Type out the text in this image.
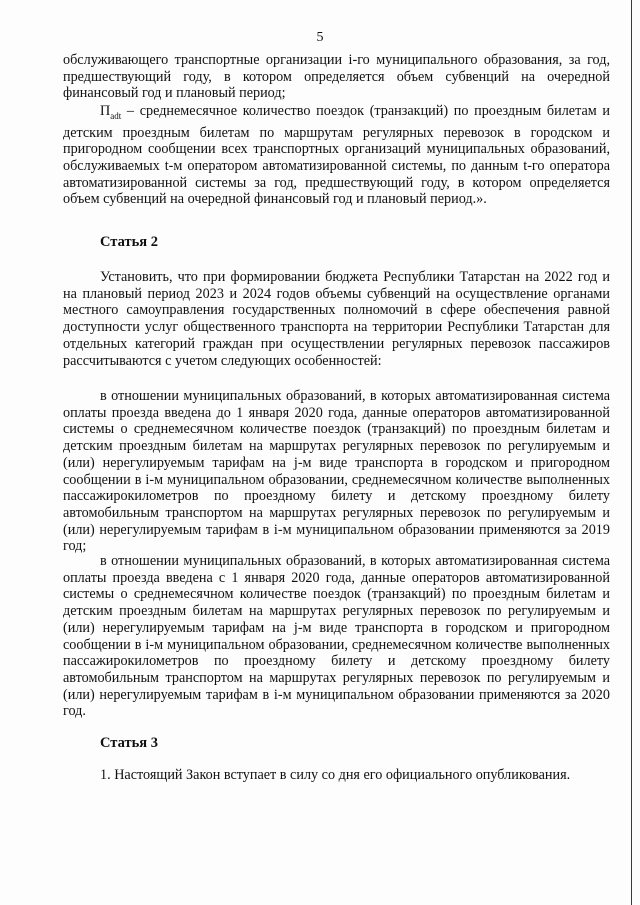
5

обслуживающего транспортные организации i-го муниципального образования, за год, предшествующий году, в котором определяется объем субвенций на очередной финансовый год и плановый период;

$П_{adt}$ – среднемесячное количество поездок (транзакций) по проездным билетам и детским проездным билетам по маршрутам регулярных перевозок в городском и пригородном сообщении всех транспортных организаций муниципальных образований, обслуживаемых t-м оператором автоматизированной системы, по данным t-го оператора автоматизированной системы за год, предшествующий году, в котором определяется объем субвенций на очередной финансовый год и плановый период.».

Статья 2

Установить, что при формировании бюджета Республики Татарстан на 2022 год и на плановый период 2023 и 2024 годов объемы субвенций на осуществление органами местного самоуправления государственных полномочий в сфере обеспечения равной доступности услуг общественного транспорта на территории Республики Татарстан для отдельных категорий граждан при осуществлении регулярных перевозок пассажиров рассчитываются с учетом следующих особенностей:

в отношении муниципальных образований, в которых автоматизированная система оплаты проезда введена до 1 января 2020 года, данные операторов автоматизированной системы о среднемесячном количестве поездок (транзакций) по проездным билетам и детским проездным билетам на маршрутах регулярных перевозок по регулируемым и (или) нерегулируемым тарифам на j-м виде транспорта в городском и пригородном сообщении в i-м муниципальном образовании, среднемесячном количестве выполненных пассажирокилометров по проездному билету и детскому проездному билету автомобильным транспортом на маршрутах регулярных перевозок по регулируемым и (или) нерегулируемым тарифам в i-м муниципальном образовании применяются за 2019 год;

в отношении муниципальных образований, в которых автоматизированная система оплаты проезда введена с 1 января 2020 года, данные операторов автоматизированной системы о среднемесячном количестве поездок (транзакций) по проездным билетам и детским проездным билетам на маршрутах регулярных перевозок по регулируемым и (или) нерегулируемым тарифам на j-м виде транспорта в городском и пригородном сообщении в i-м муниципальном образовании, среднемесячном количестве выполненных пассажирокилометров по проездному билету и детскому проездному билету автомобильным транспортом на маршрутах регулярных перевозок по регулируемым и (или) нерегулируемым тарифам в i-м муниципальном образовании применяются за 2020 год.

Статья 3

1. Настоящий Закон вступает в силу со дня его официального опубликования.
